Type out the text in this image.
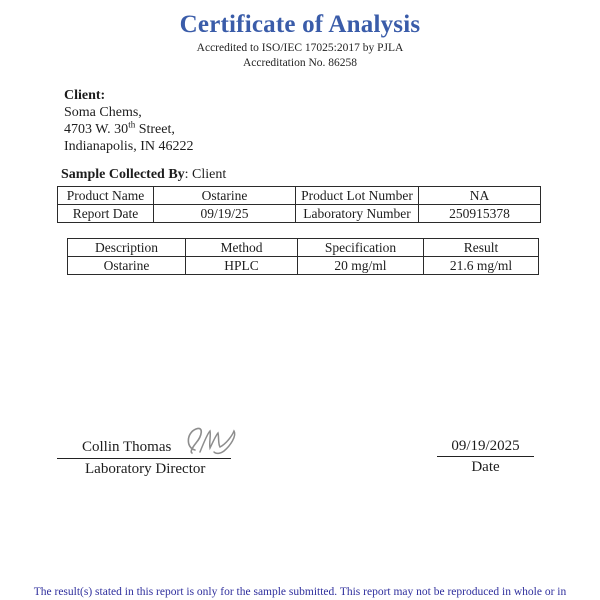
Certificate of Analysis
Accredited to ISO/IEC 17025:2017 by PJLA
Accreditation No. 86258
Client:
Soma Chems,
4703 W. 30th Street,
Indianapolis, IN 46222
Sample Collected By: Client
Product Name	Ostarine	Product Lot Number	NA
Report Date	09/19/25	Laboratory Number	250915378
Description	Method	Specification	Result
Ostarine	HPLC	20 mg/ml	21.6 mg/ml
Collin Thomas
Laboratory Director
09/19/2025
Date
The result(s) stated in this report is only for the sample submitted. This report may not be reproduced in whole or in
